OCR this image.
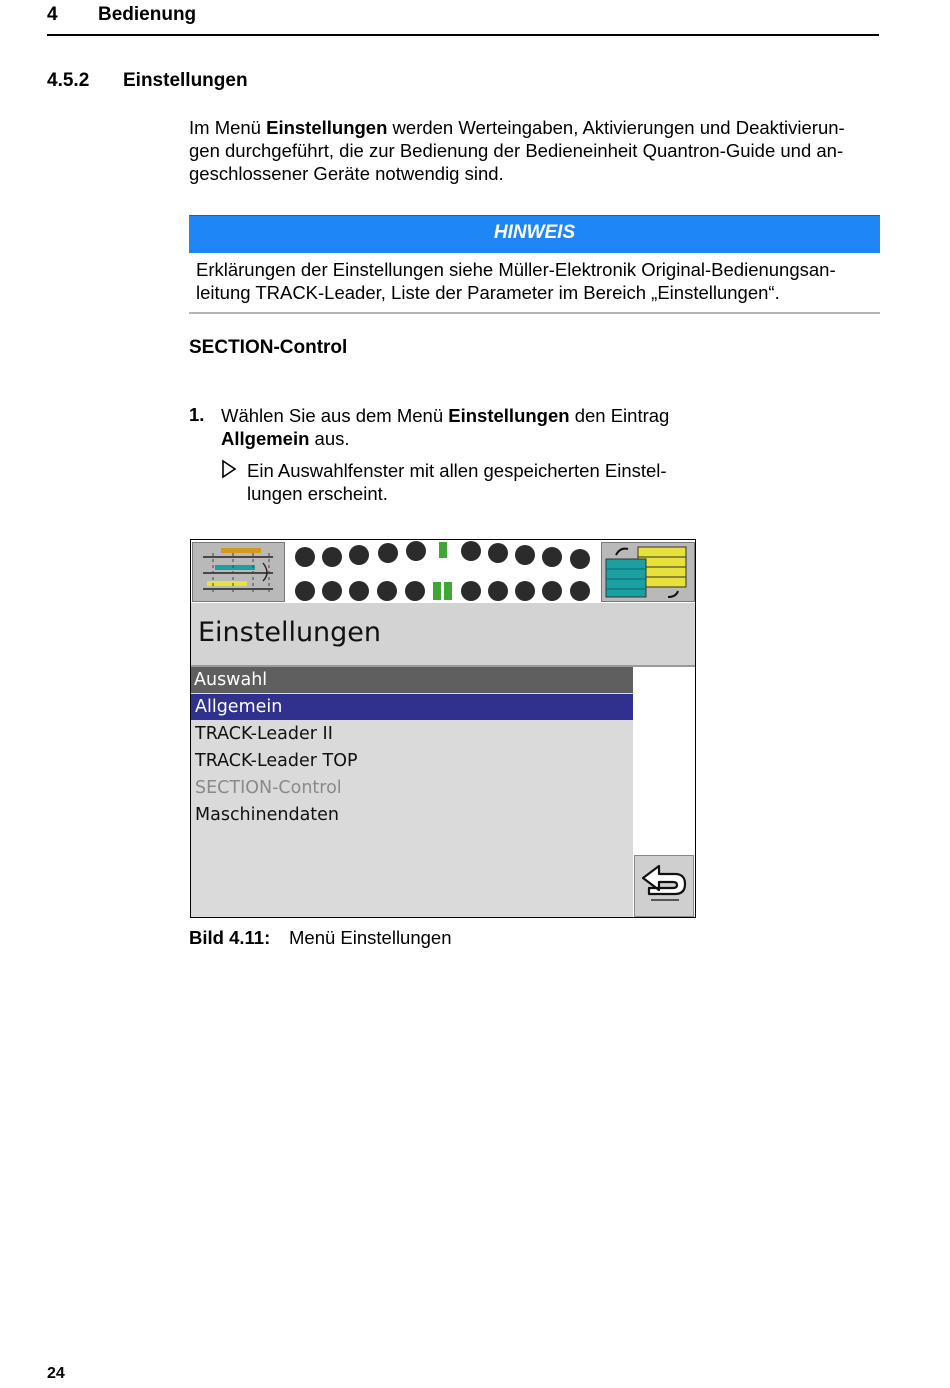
4 Bedienung
4.5.2 Einstellungen
Im Menü Einstellungen werden Werteingaben, Aktivierungen und Deaktivierun-
gen durchgeführt, die zur Bedienung der Bedieneinheit Quantron-Guide und an-
geschlossener Geräte notwendig sind.
HINWEIS
Erklärungen der Einstellungen siehe Müller-Elektronik Original-Bedienungsan-
leitung TRACK-Leader, Liste der Parameter im Bereich „Einstellungen“.
SECTION-Control
1. Wählen Sie aus dem Menü Einstellungen den Eintrag
Allgemein aus.
Ein Auswahlfenster mit allen gespeicherten Einstel-
lungen erscheint.
Einstellungen
Auswahl
Allgemein
TRACK-Leader II
TRACK-Leader TOP
SECTION-Control
Maschinendaten
Bild 4.11: Menü Einstellungen
24
